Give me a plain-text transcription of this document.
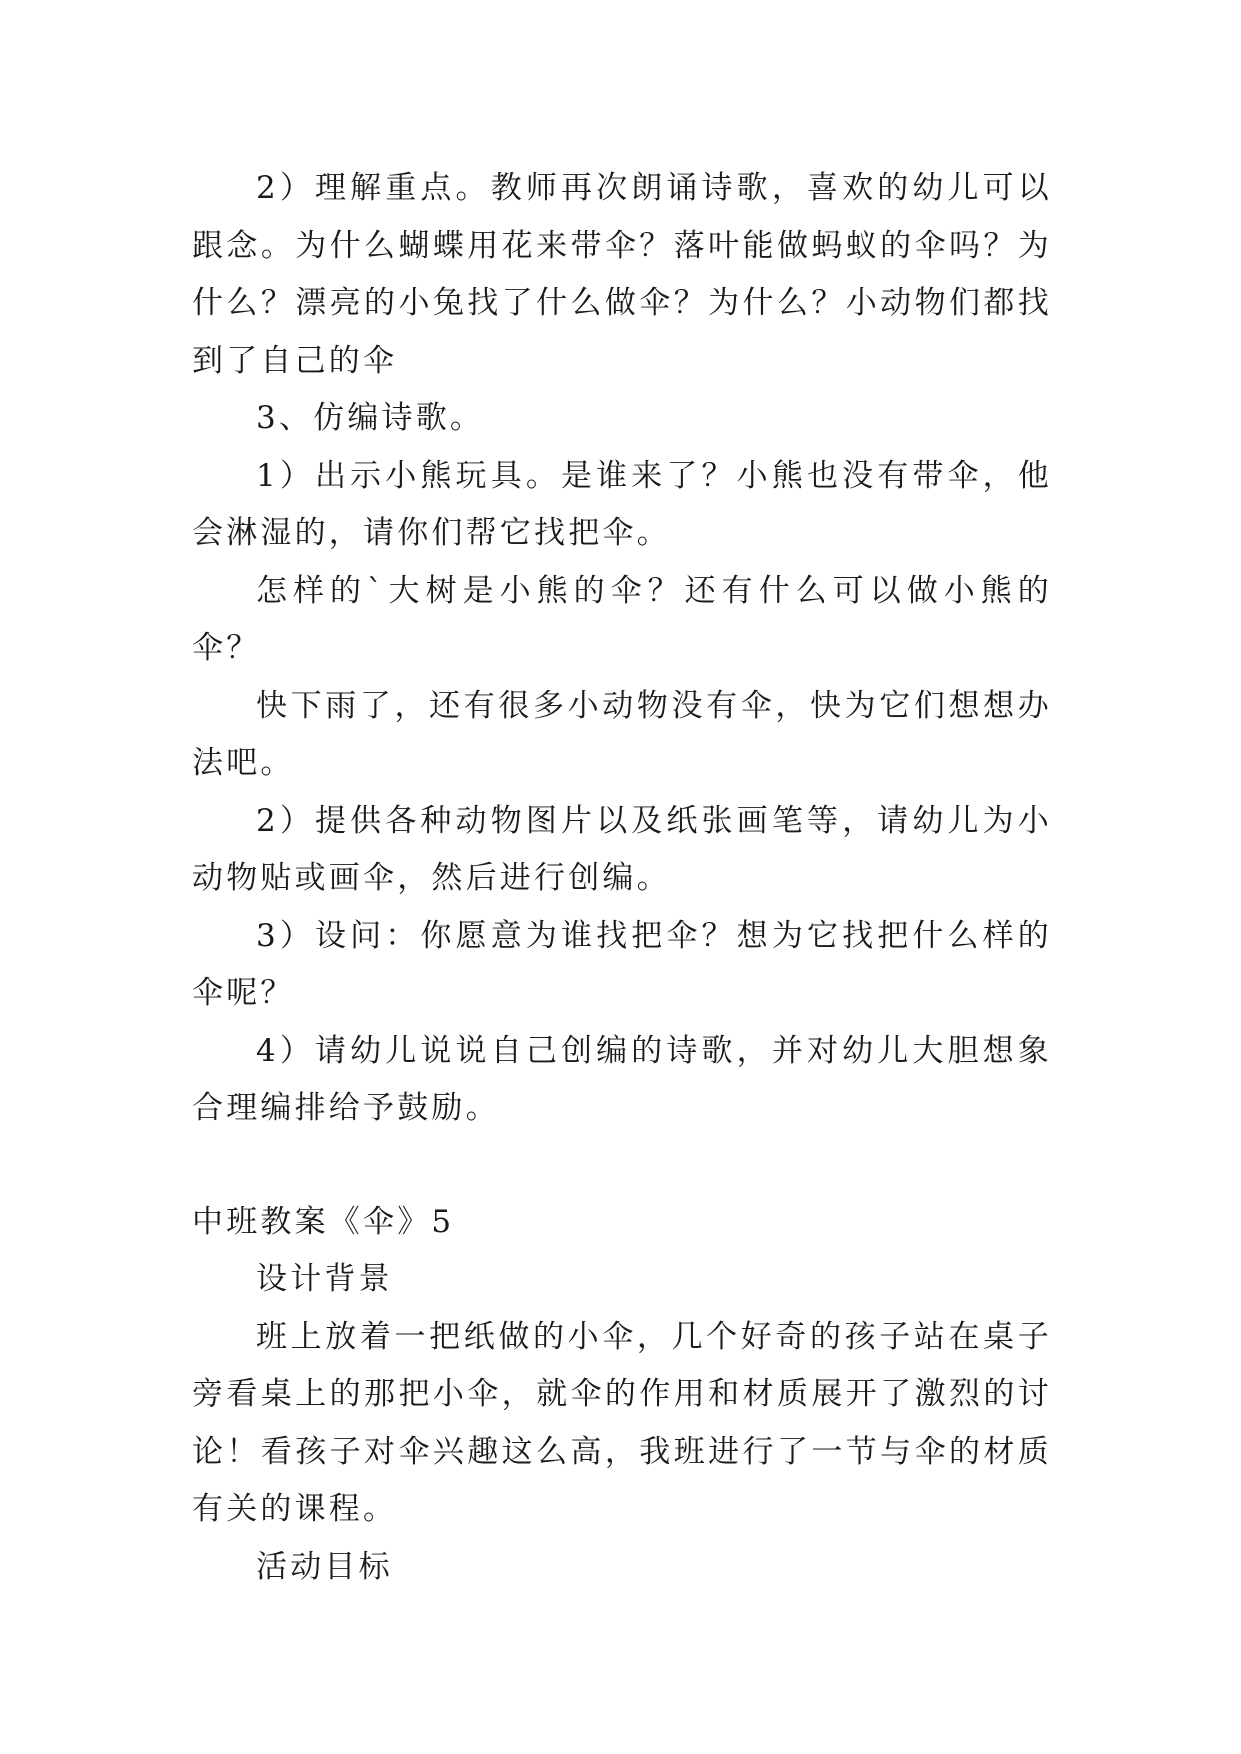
2）理解重点。教师再次朗诵诗歌，喜欢的幼儿可以跟念。为什么蝴蝶用花来带伞？落叶能做蚂蚁的伞吗？为什么？漂亮的小兔找了什么做伞？为什么？小动物们都找到了自己的伞

3、仿编诗歌。

1）出示小熊玩具。是谁来了？小熊也没有带伞，他会淋湿的，请你们帮它找把伞。

怎样的`大树是小熊的伞？还有什么可以做小熊的伞？

快下雨了，还有很多小动物没有伞，快为它们想想办法吧。

2）提供各种动物图片以及纸张画笔等，请幼儿为小动物贴或画伞，然后进行创编。

3）设问：你愿意为谁找把伞？想为它找把什么样的伞呢？

4）请幼儿说说自己创编的诗歌，并对幼儿大胆想象合理编排给予鼓励。

中班教案《伞》5

设计背景

班上放着一把纸做的小伞，几个好奇的孩子站在桌子旁看桌上的那把小伞，就伞的作用和材质展开了激烈的讨论！看孩子对伞兴趣这么高，我班进行了一节与伞的材质有关的课程。

活动目标
